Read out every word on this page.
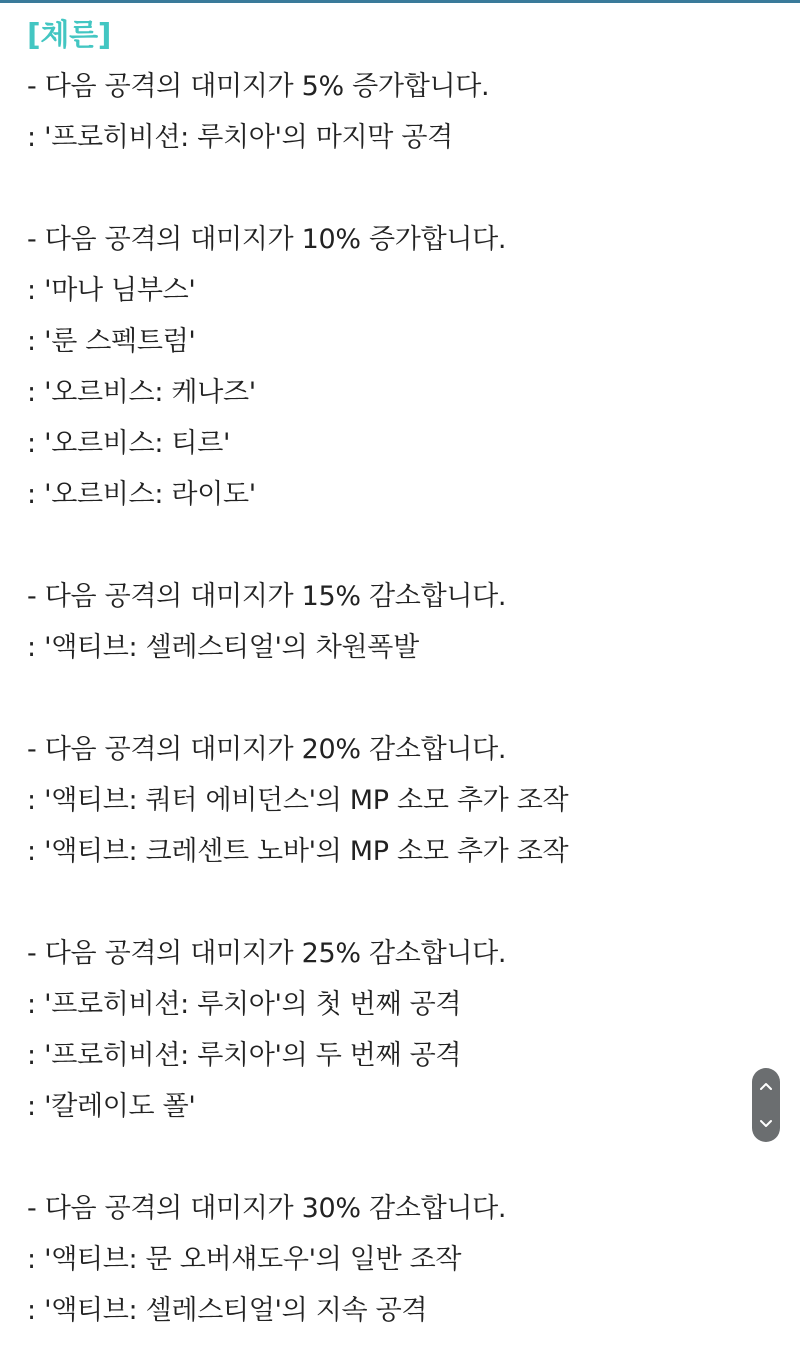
[체른]
- 다음 공격의 대미지가 5% 증가합니다.
: '프로히비션: 루치아'의 마지막 공격
- 다음 공격의 대미지가 10% 증가합니다.
: '마나 님부스'
: '룬 스펙트럼'
: '오르비스: 케나즈'
: '오르비스: 티르'
: '오르비스: 라이도'
- 다음 공격의 대미지가 15% 감소합니다.
: '액티브: 셀레스티얼'의 차원폭발
- 다음 공격의 대미지가 20% 감소합니다.
: '액티브: 쿼터 에비던스'의 MP 소모 추가 조작
: '액티브: 크레센트 노바'의 MP 소모 추가 조작
- 다음 공격의 대미지가 25% 감소합니다.
: '프로히비션: 루치아'의 첫 번째 공격
: '프로히비션: 루치아'의 두 번째 공격
: '칼레이도 폴'
- 다음 공격의 대미지가 30% 감소합니다.
: '액티브: 문 오버섀도우'의 일반 조작
: '액티브: 셀레스티얼'의 지속 공격
